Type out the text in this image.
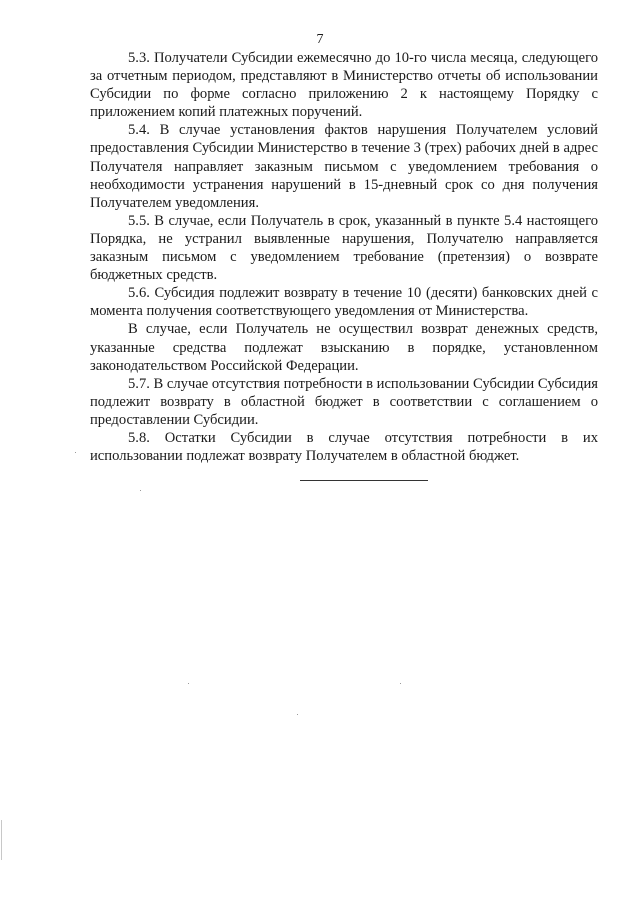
7

5.3. Получатели Субсидии ежемесячно до 10-го числа месяца, следующего за отчетным периодом, представляют в Министерство отчеты об использовании Субсидии по форме согласно приложению 2 к настоящему Порядку с приложением копий платежных поручений.

5.4. В случае установления фактов нарушения Получателем условий предоставления Субсидии Министерство в течение 3 (трех) рабочих дней в адрес Получателя направляет заказным письмом с уведомлением требования о необходимости устранения нарушений в 15-дневный срок со дня получения Получателем уведомления.

5.5. В случае, если Получатель в срок, указанный в пункте 5.4 настоящего Порядка, не устранил выявленные нарушения, Получателю направляется заказным письмом с уведомлением требование (претензия) о возврате бюджетных средств.

5.6. Субсидия подлежит возврату в течение 10 (десяти) банковских дней с момента получения соответствующего уведомления от Министерства.

В случае, если Получатель не осуществил возврат денежных средств, указанные средства подлежат взысканию в порядке, установленном законодательством Российской Федерации.

5.7. В случае отсутствия потребности в использовании Субсидии Субсидия подлежит возврату в областной бюджет в соответствии с соглашением о предоставлении Субсидии.

5.8. Остатки Субсидии в случае отсутствия потребности в их использовании подлежат возврату Получателем в областной бюджет.
